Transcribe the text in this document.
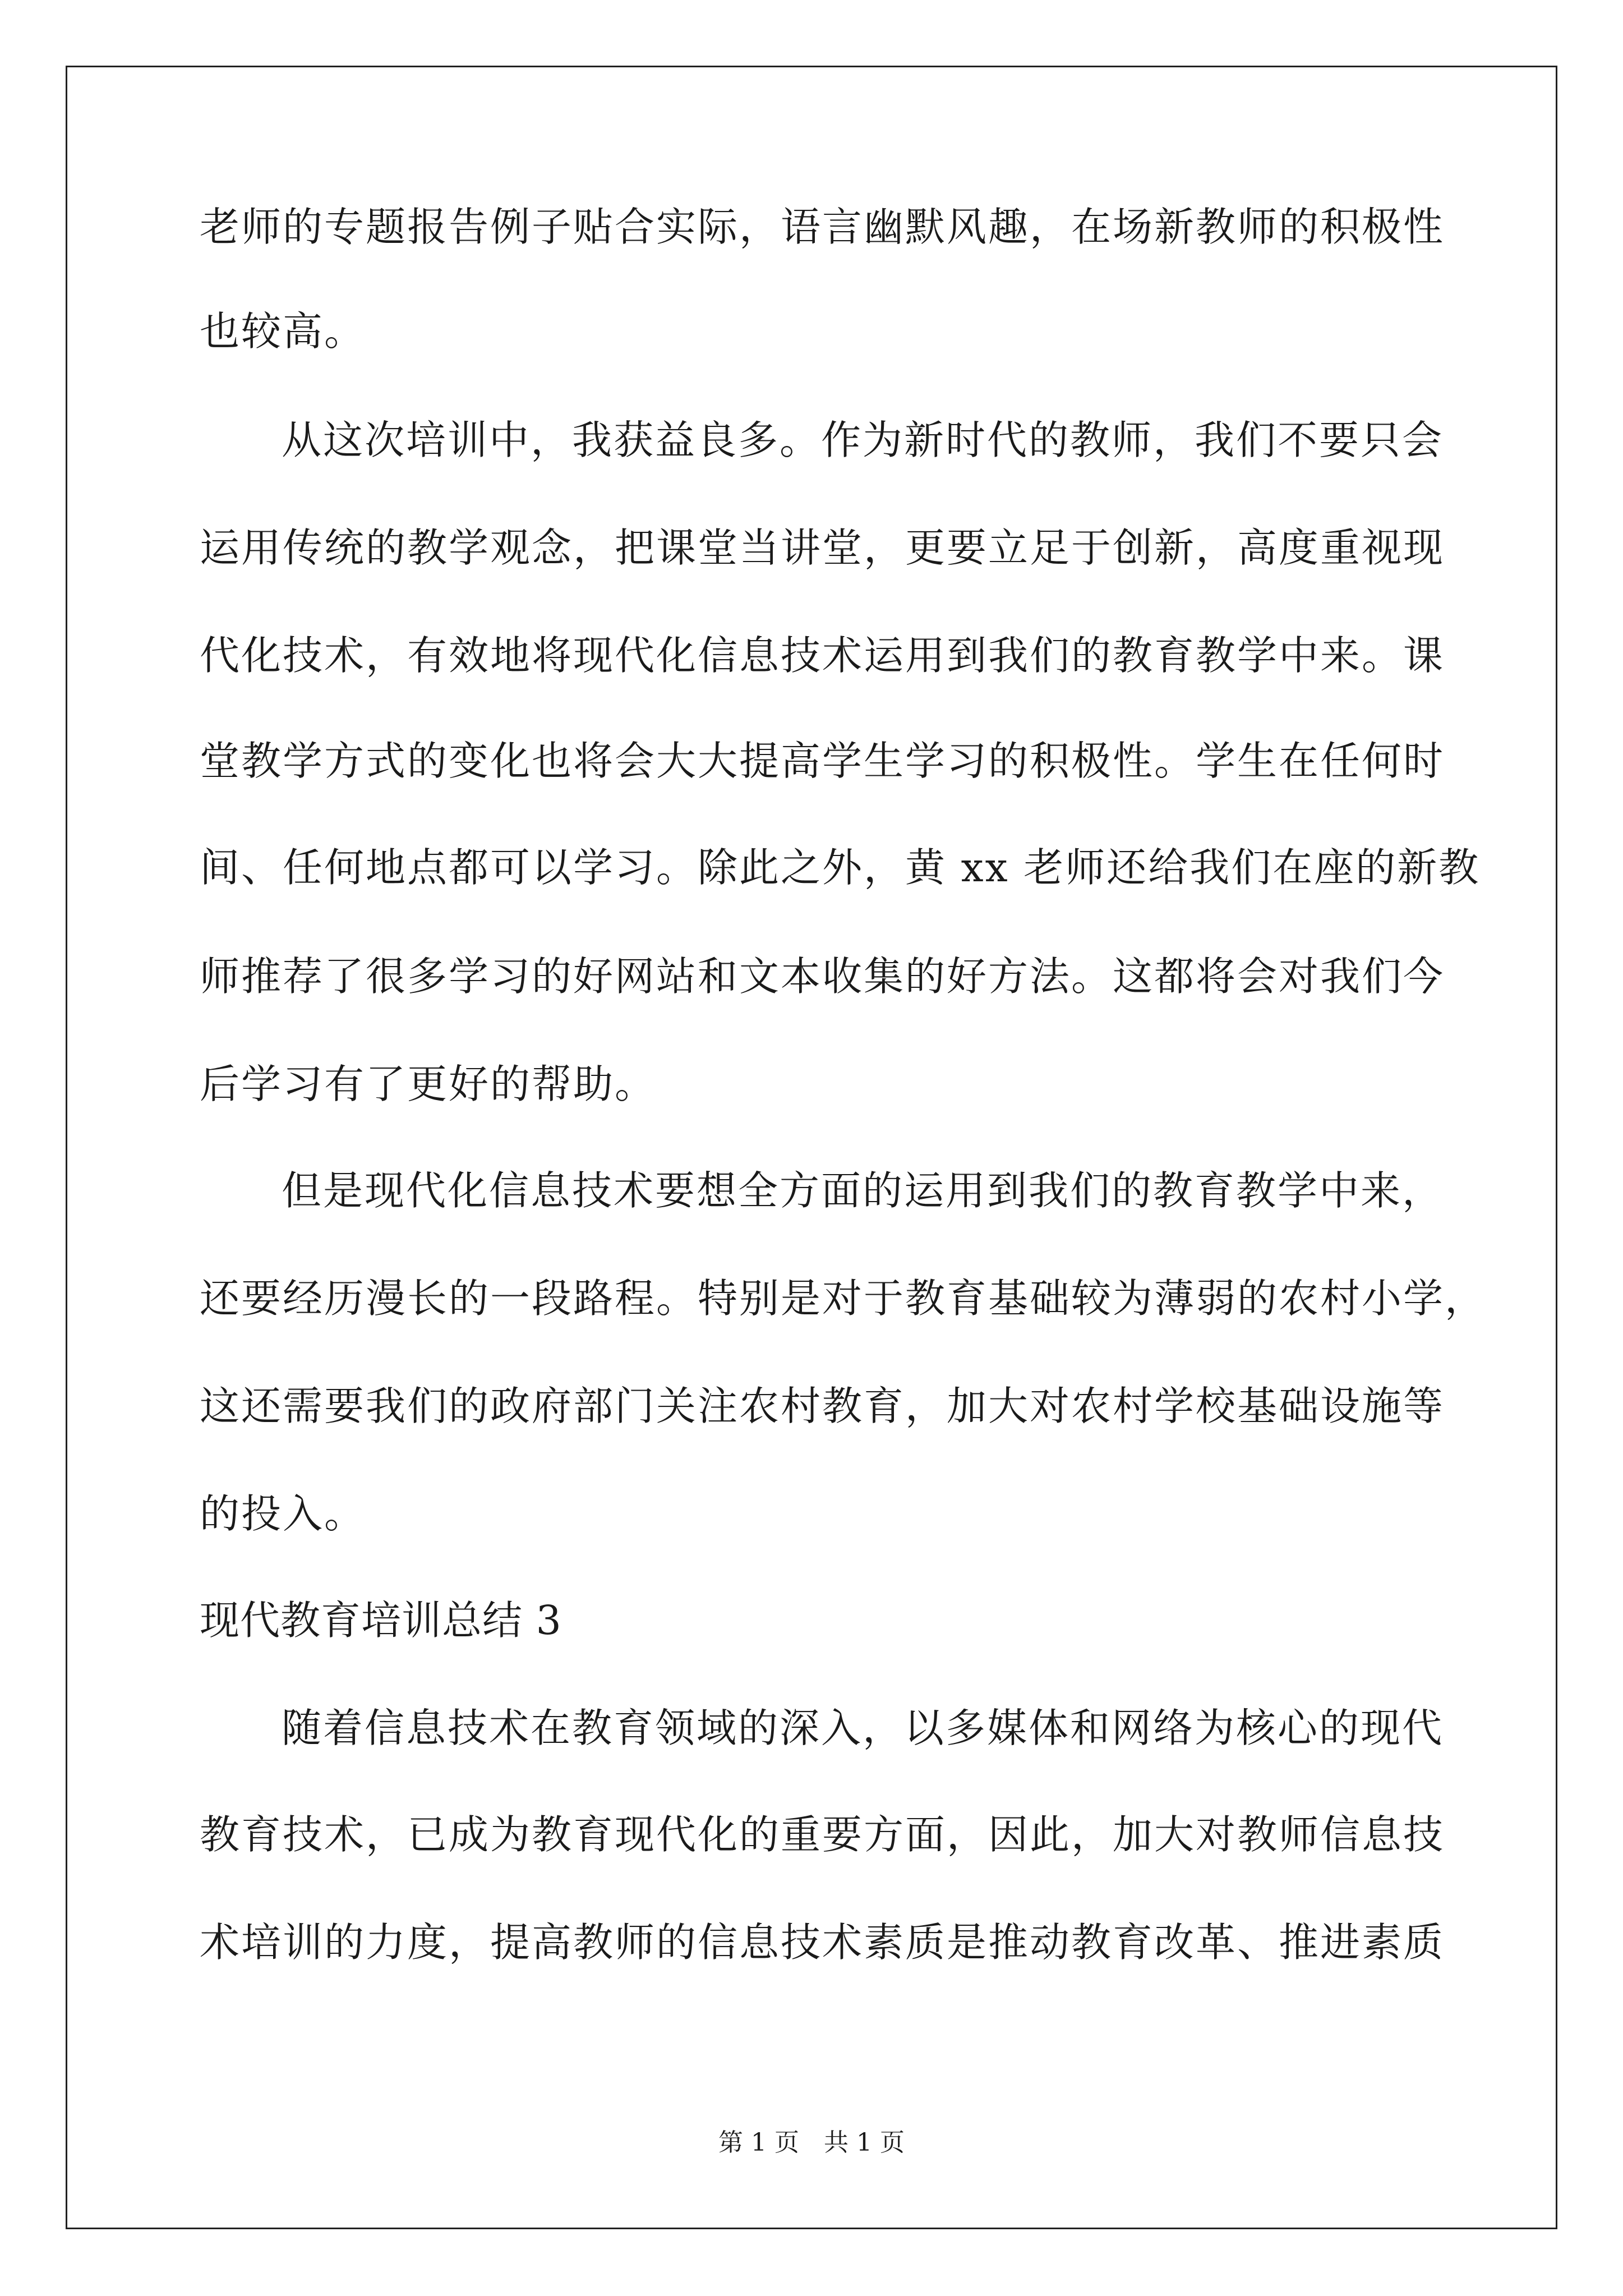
老师的专题报告例子贴合实际，语言幽默风趣，在场新教师的积极性
也较高。
从这次培训中，我获益良多。作为新时代的教师，我们不要只会
运用传统的教学观念，把课堂当讲堂，更要立足于创新，高度重视现
代化技术，有效地将现代化信息技术运用到我们的教育教学中来。课
堂教学方式的变化也将会大大提高学生学习的积极性。学生在任何时
间、任何地点都可以学习。除此之外，黄 xx 老师还给我们在座的新教
师推荐了很多学习的好网站和文本收集的好方法。这都将会对我们今
后学习有了更好的帮助。
但是现代化信息技术要想全方面的运用到我们的教育教学中来，
还要经历漫长的一段路程。特别是对于教育基础较为薄弱的农村小学，
这还需要我们的政府部门关注农村教育，加大对农村学校基础设施等
的投入。
现代教育培训总结 3
随着信息技术在教育领域的深入，以多媒体和网络为核心的现代
教育技术，已成为教育现代化的重要方面，因此，加大对教师信息技
术培训的力度，提高教师的信息技术素质是推动教育改革、推进素质
第 1 页 共 1 页
